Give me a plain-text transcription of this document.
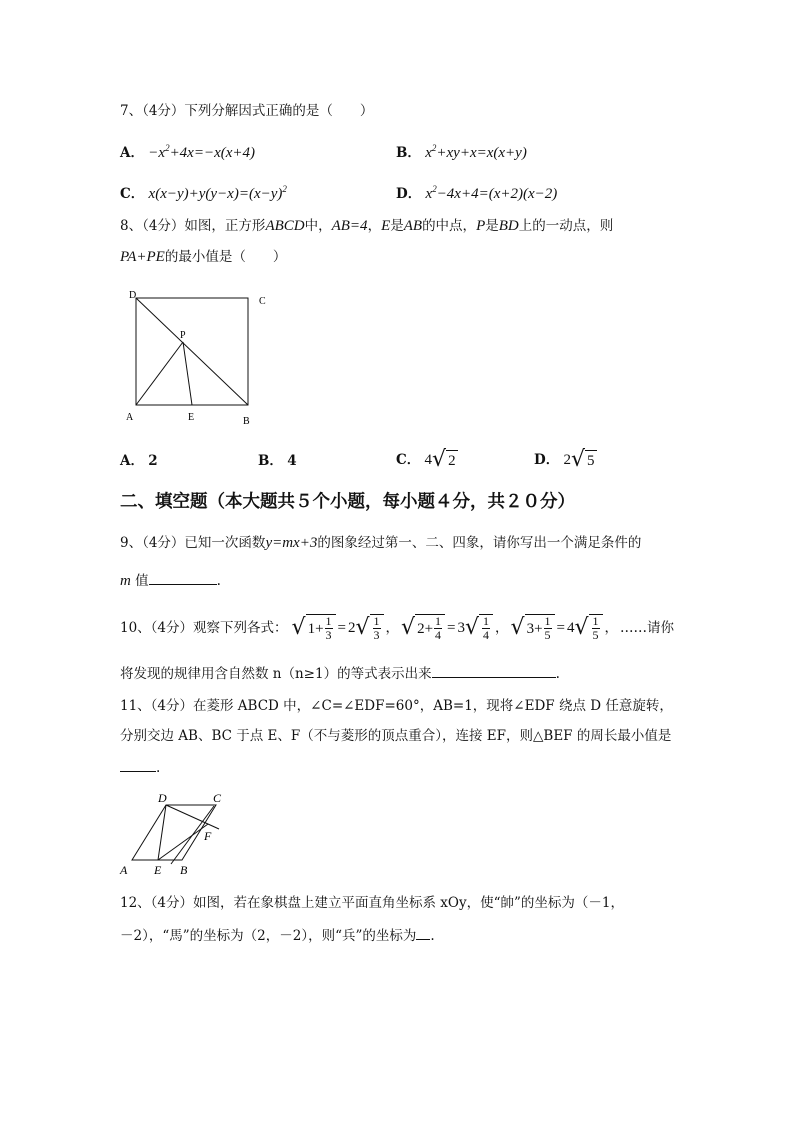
7、（4分）下列分解因式正确的是（　　）
A． $-x^2+4x=-x(x+4)$	B． $x^2+xy+x=x(x+y)$
C． $x(x-y)+y(y-x)=(x-y)^2$	D． $x^2-4x+4=(x+2)(x-2)$
8、（4分）如图，正方形ABCD中，AB=4，E是AB的中点，P是BD上的一动点，则
PA+PE的最小值是（　　）
D
C
P
A	E	B
A． 2	B． 4	C． 4 √ 2	D． 2 √ 5
二、填空题（本大题共５个小题，每小题４分，共２０分）
9、（4分）已知一次函数y=mx+3的图象经过第一、二、四象，请你写出一个满足条件的
m 值	.
10、（4分）观察下列各式： √ $1 + \frac{1}{3} = 2$ √ $\frac{1}{3}$ ， √ $2 + \frac{1}{4} = 3$ √ $\frac{1}{4}$ ， √ $3 + \frac{1}{5} = 4$ √ $\frac{1}{5}$ ， ……请你
将发现的规律用含自然数 n（n≥1）的等式表示出来	.
11、（4分）在菱形 ABCD 中，∠C=∠EDF=60°，AB=1，现将∠EDF 绕点 D 任意旋转，
分别交边 AB、BC 于点 E、F（不与菱形的顶点重合），连接 EF，则△BEF 的周长最小值是
.
D	C
F
A E B
12、（4分）如图，若在象棋盘上建立平面直角坐标系 xOy，使“帥”的坐标为（－1，
－2），“馬”的坐标为（2，－2），则“兵”的坐标为 .
